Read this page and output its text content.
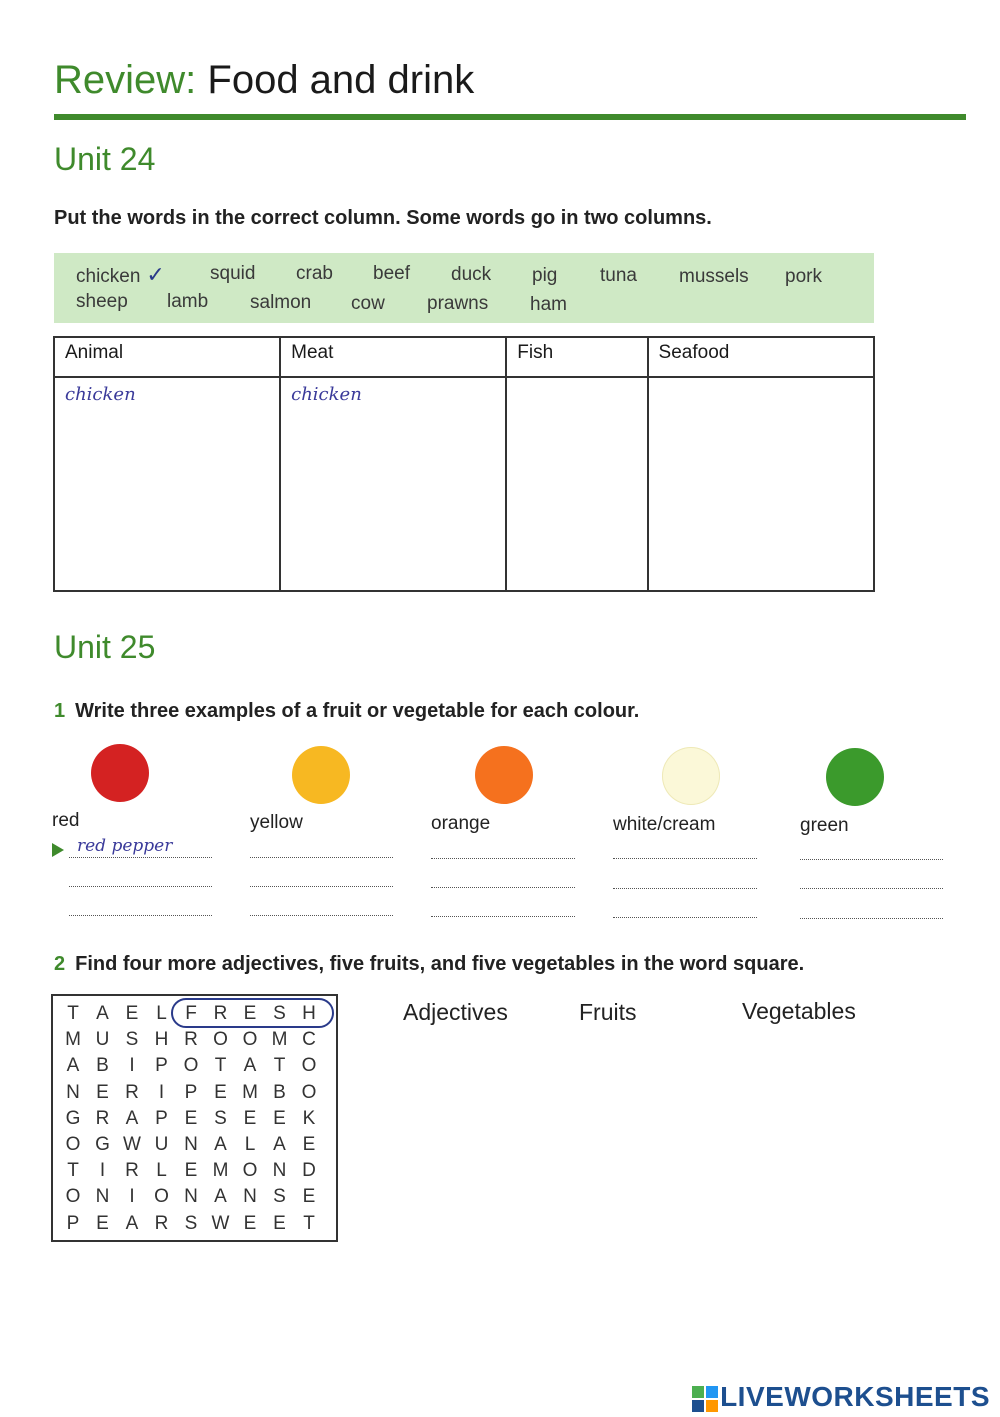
Review: Food and drink
Unit 24
Put the words in the correct column. Some words go in two columns.
chicken ✓ squid crab beef duck pig tuna mussels pork
sheep lamb salmon cow prawns ham
Animal	Meat	Fish	Seafood
chicken	chicken		
Unit 25
1 Write three examples of a fruit or vegetable for each colour.
red	yellow	orange	white/cream	green
red pepper
2 Find four more adjectives, five fruits, and five vegetables in the word square.
T A E L F R E S H
M U S H R O O M C
A B	I	P O T A T O
N E R	I	P E M B O
G R A P E S E E K
O G W U N A L A E
T	I	R L E M O N D
O N	I	O N A N S E
P E A R S W E E T
Adjectives	Fruits	Vegetables
LIVEWORKSHEETS
